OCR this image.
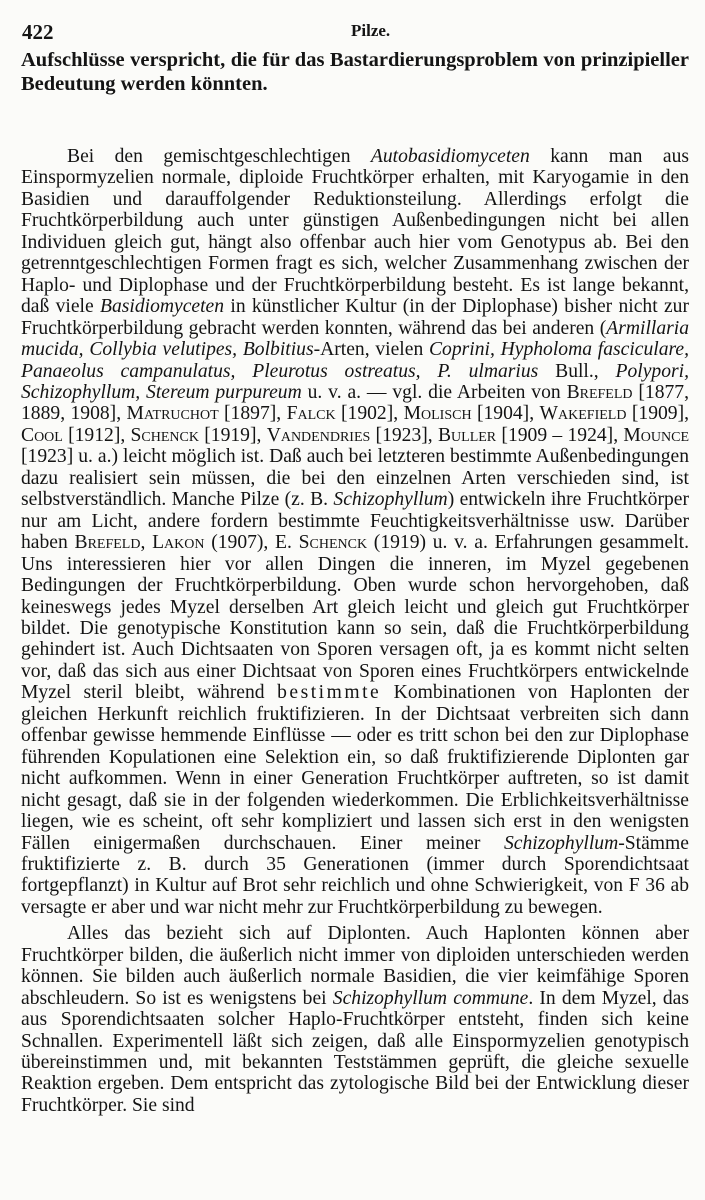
422	Pilze.

Aufschlüsse verspricht, die für das Bastardierungsproblem von prinzipieller Bedeutung werden könnten.

Bei den gemischtgeschlechtigen Autobasidiomyceten kann man aus Einspormyzelien normale, diploide Fruchtkörper erhalten, mit Karyogamie in den Basidien und darauffolgender Reduktionsteilung. Allerdings erfolgt die Fruchtkörperbildung auch unter günstigen Außenbedingungen nicht bei allen Individuen gleich gut, hängt also offenbar auch hier vom Genotypus ab. Bei den getrenntgeschlechtigen Formen fragt es sich, welcher Zusammenhang zwischen der Haplo- und Diplophase und der Fruchtkörperbildung besteht. Es ist lange bekannt, daß viele Basidiomyceten in künstlicher Kultur (in der Diplophase) bisher nicht zur Fruchtkörperbildung gebracht werden konnten, während das bei anderen (Armillaria mucida, Collybia velutipes, Bolbitius-Arten, vielen Coprini, Hypholoma fasciculare, Panaeolus campanulatus, Pleurotus ostreatus, P. ulmarius Bull., Polypori, Schizophyllum, Stereum purpureum u. v. a. — vgl. die Arbeiten von Brefeld [1877, 1889, 1908], Matruchot [1897], Falck [1902], Molisch [1904], Wakefield [1909], Cool [1912], Schenck [1919], Vandendries [1923], Buller [1909 – 1924], Mounce [1923] u. a.) leicht möglich ist. Daß auch bei letzteren bestimmte Außenbedingungen dazu realisiert sein müssen, die bei den einzelnen Arten verschieden sind, ist selbstverständlich. Manche Pilze (z. B. Schizophyllum) entwickeln ihre Fruchtkörper nur am Licht, andere fordern bestimmte Feuchtigkeitsverhältnisse usw. Darüber haben Brefeld, Lakon (1907), E. Schenck (1919) u. v. a. Erfahrungen gesammelt. Uns interessieren hier vor allen Dingen die inneren, im Myzel gegebenen Bedingungen der Fruchtkörperbildung. Oben wurde schon hervorgehoben, daß keineswegs jedes Myzel derselben Art gleich leicht und gleich gut Fruchtkörper bildet. Die genotypische Konstitution kann so sein, daß die Fruchtkörperbildung gehindert ist. Auch Dichtsaaten von Sporen versagen oft, ja es kommt nicht selten vor, daß das sich aus einer Dichtsaat von Sporen eines Fruchtkörpers entwickelnde Myzel steril bleibt, während bestimmte Kombinationen von Haplonten der gleichen Herkunft reichlich fruktifizieren. In der Dichtsaat verbreiten sich dann offenbar gewisse hemmende Einflüsse — oder es tritt schon bei den zur Diplophase führenden Kopulationen eine Selektion ein, so daß fruktifizierende Diplonten gar nicht aufkommen. Wenn in einer Generation Fruchtkörper auftreten, so ist damit nicht gesagt, daß sie in der folgenden wiederkommen. Die Erblichkeitsverhältnisse liegen, wie es scheint, oft sehr kompliziert und lassen sich erst in den wenigsten Fällen einigermaßen durchschauen. Einer meiner Schizophyllum-Stämme fruktifizierte z. B. durch 35 Generationen (immer durch Sporendichtsaat fortgepflanzt) in Kultur auf Brot sehr reichlich und ohne Schwierigkeit, von F 36 ab versagte er aber und war nicht mehr zur Fruchtkörperbildung zu bewegen.

Alles das bezieht sich auf Diplonten. Auch Haplonten können aber Fruchtkörper bilden, die äußerlich nicht immer von diploiden unterschieden werden können. Sie bilden auch äußerlich normale Basidien, die vier keimfähige Sporen abschleudern. So ist es wenigstens bei Schizophyllum commune. In dem Myzel, das aus Sporendichtsaaten solcher Haplo-Fruchtkörper entsteht, finden sich keine Schnallen. Experimentell läßt sich zeigen, daß alle Einspormyzelien genotypisch übereinstimmen und, mit bekannten Teststämmen geprüft, die gleiche sexuelle Reaktion ergeben. Dem entspricht das zytologische Bild bei der Entwicklung dieser Fruchtkörper. Sie sind
